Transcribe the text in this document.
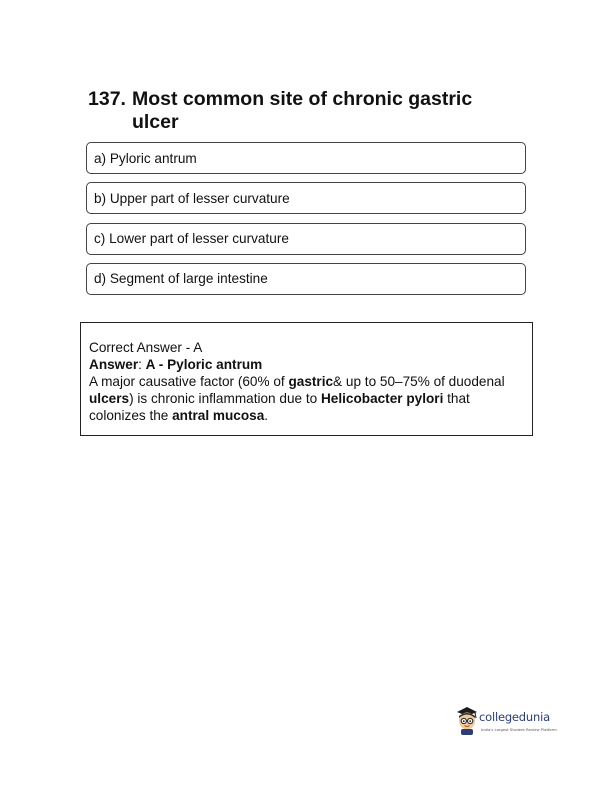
137. Most common site of chronic gastric ulcer
a) Pyloric antrum
b) Upper part of lesser curvature
c) Lower part of lesser curvature
d) Segment of large intestine
Correct Answer - A
Answer: A - Pyloric antrum
A major causative factor (60% of gastric& up to 50–75% of duodenal ulcers) is chronic inflammation due to Helicobacter pylori that colonizes the antral mucosa.
collegedunia
India's Largest Student Review Platform
